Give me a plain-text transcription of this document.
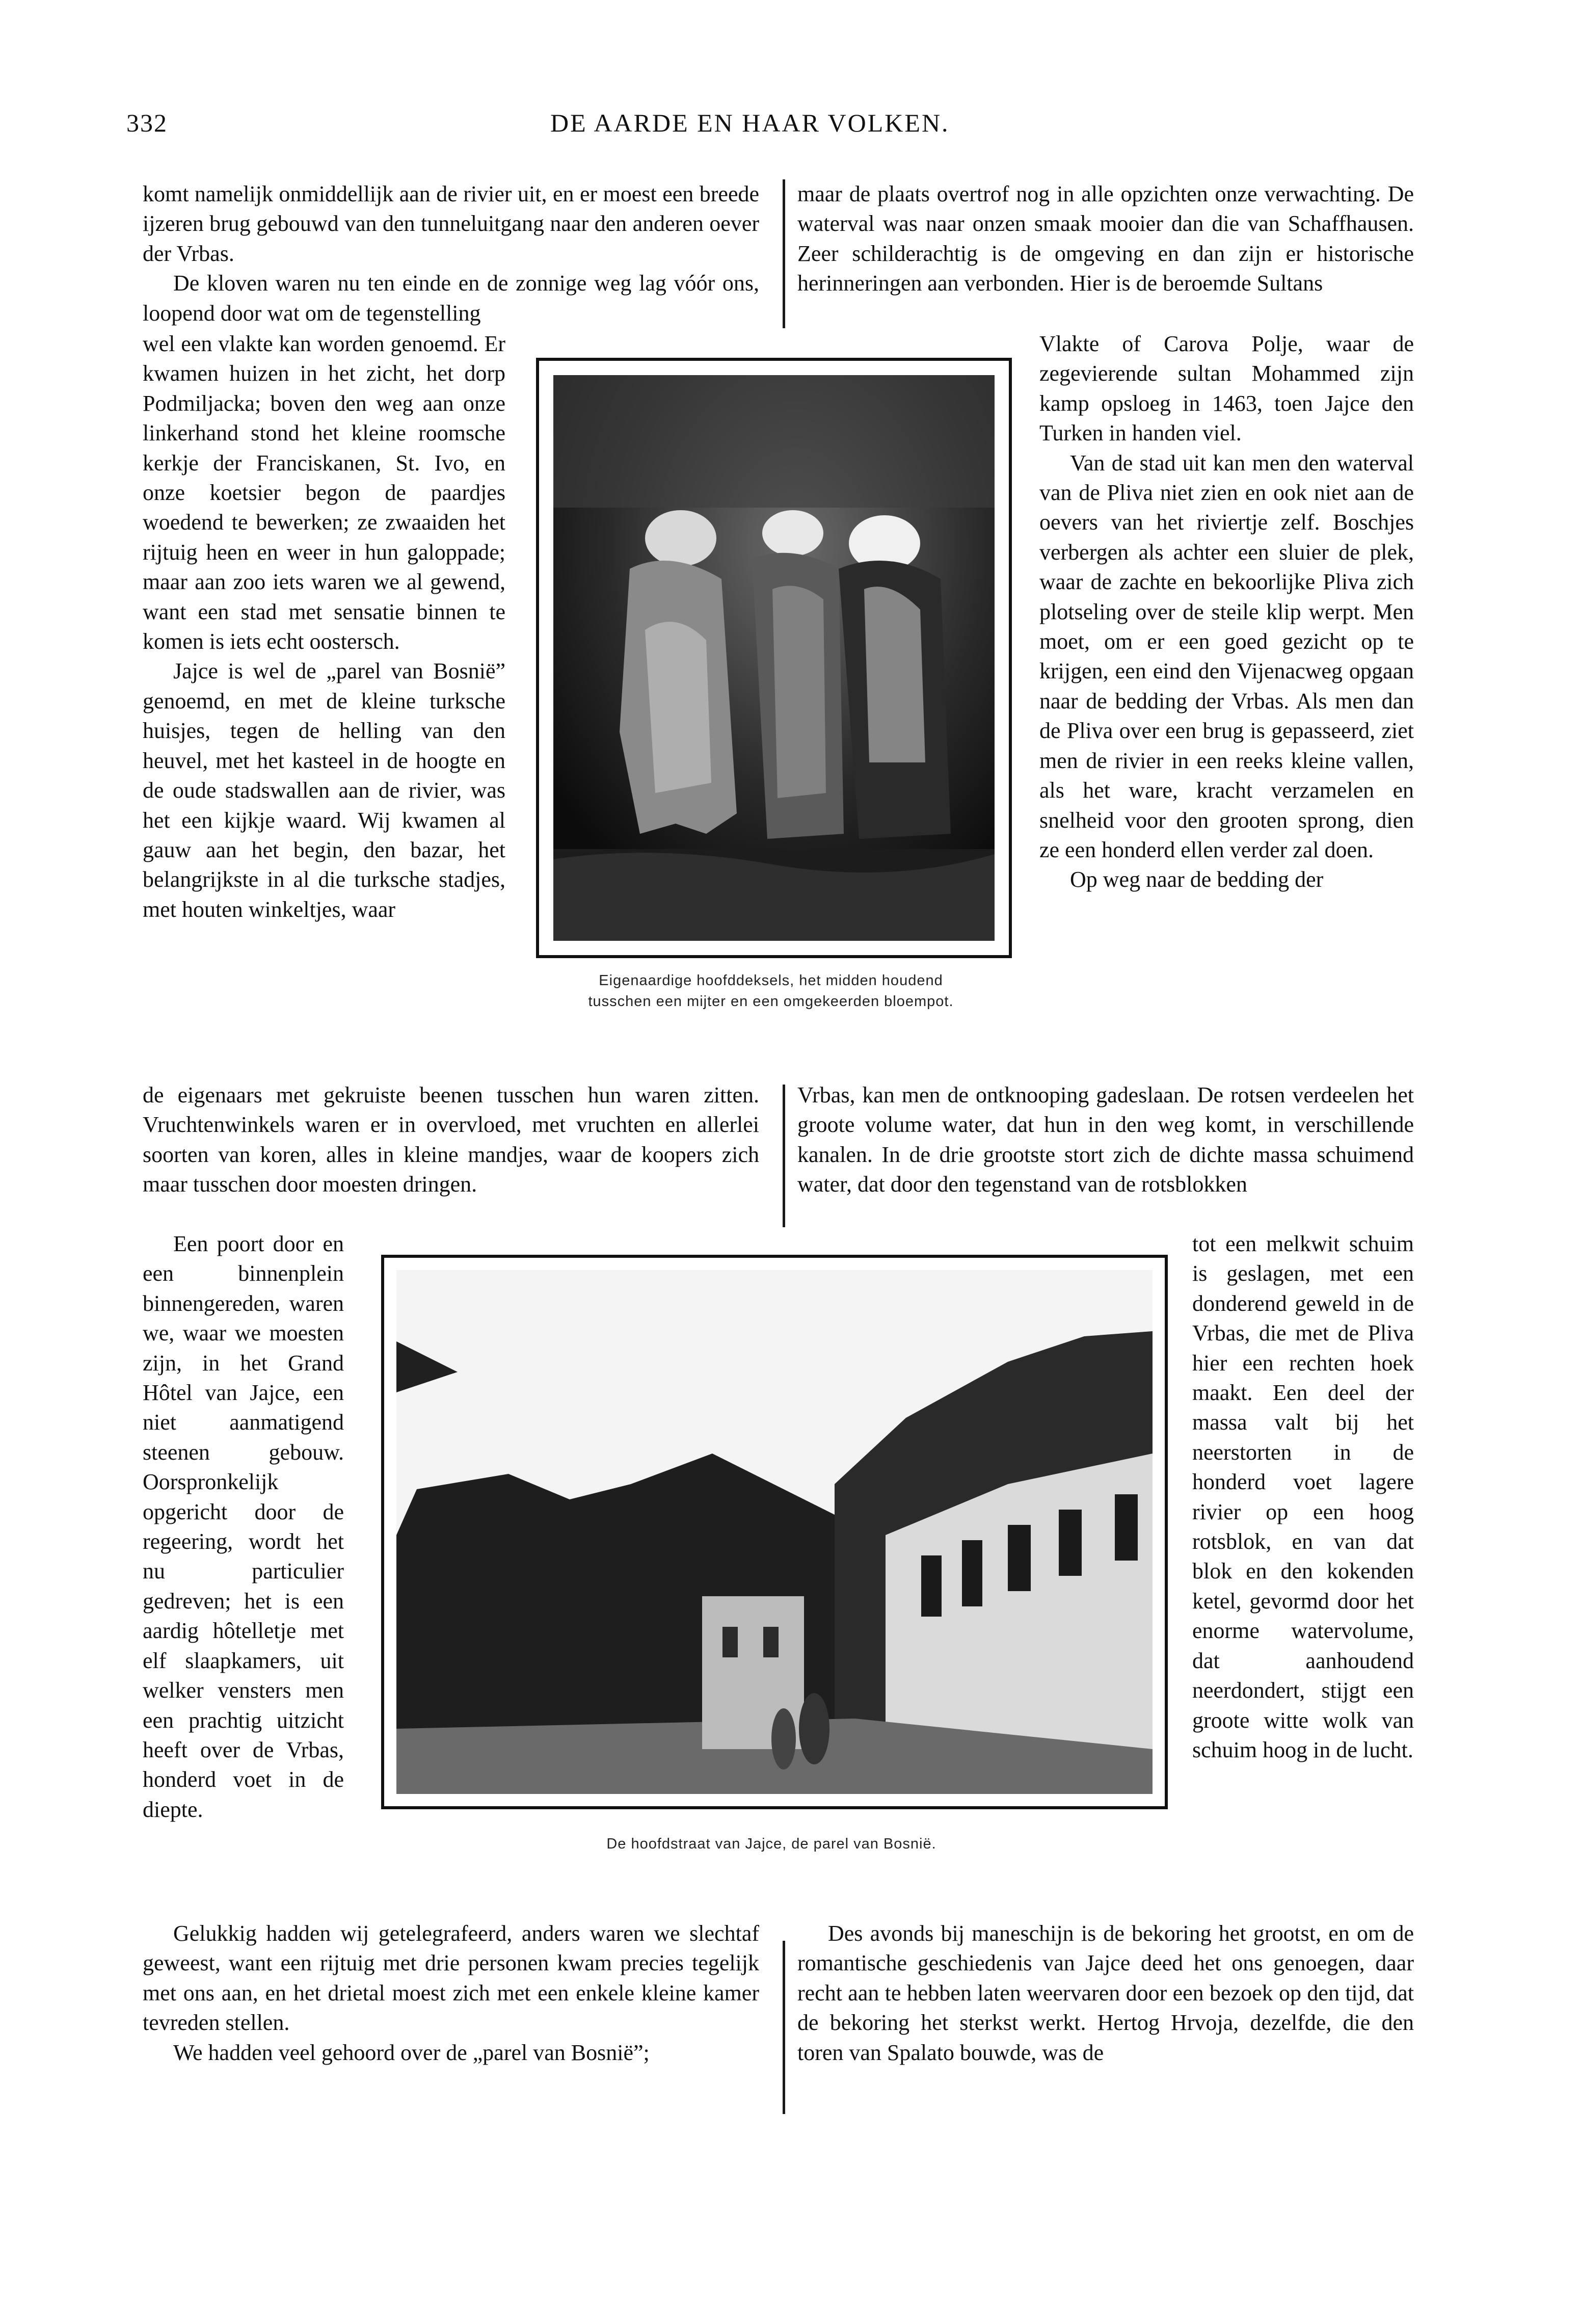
332	DE AARDE EN HAAR VOLKEN.

komt namelijk onmiddellijk aan de rivier uit, en er moest een breede ijzeren brug gebouwd van den tunneluitgang naar den anderen oever der Vrbas.

De kloven waren nu ten einde en de zonnige weg lag vóór ons, loopend door wat om de tegenstelling

maar de plaats overtrof nog in alle opzichten onze verwachting. De waterval was naar onzen smaak mooier dan die van Schaffhausen. Zeer schilderachtig is de omgeving en dan zijn er historische herinneringen aan verbonden. Hier is de beroemde Sultans

wel een vlakte kan worden genoemd. Er kwamen huizen in het zicht, het dorp Podmiljacka; boven den weg aan onze linkerhand stond het kleine roomsche kerkje der Franciskanen, St. Ivo, en onze koetsier begon de paardjes woedend te bewerken; ze zwaaiden het rijtuig heen en weer in hun galoppade; maar aan zoo iets waren we al gewend, want een stad met sensatie binnen te komen is iets echt oostersch.

Jajce is wel de „parel van Bosniё” genoemd, en met de kleine turksche huisjes, tegen de helling van den heuvel, met het kasteel in de hoogte en de oude stadswallen aan de rivier, was het een kijkje waard. Wij kwamen al gauw aan het begin, den bazar, het belangrijkste in al die turksche stadjes, met houten winkeltjes, waar

Vlakte of Carova Polje, waar de zegevierende sultan Mohammed zijn kamp opsloeg in 1463, toen Jajce den Turken in handen viel.

Van de stad uit kan men den waterval van de Pliva niet zien en ook niet aan de oevers van het riviertje zelf. Boschjes verbergen als achter een sluier de plek, waar de zachte en bekoorlijke Pliva zich plotseling over de steile klip werpt. Men moet, om er een goed gezicht op te krijgen, een eind den Vijenacweg opgaan naar de bedding der Vrbas. Als men dan de Pliva over een brug is gepasseerd, ziet men de rivier in een reeks kleine vallen, als het ware, kracht verzamelen en snelheid voor den grooten sprong, dien ze een honderd ellen verder zal doen.

Op weg naar de bedding der

Eigenaardige hoofddeksels, het midden houdend
tusschen een mijter en een omgekeerden bloempot.

de eigenaars met gekruiste beenen tusschen hun waren zitten. Vruchtenwinkels waren er in overvloed, met vruchten en allerlei soorten van koren, alles in kleine mandjes, waar de koopers zich maar tusschen door moesten dringen.

Vrbas, kan men de ontknooping gadeslaan. De rotsen verdeelen het groote volume water, dat hun in den weg komt, in verschillende kanalen. In de drie grootste stort zich de dichte massa schuimend water, dat door den tegenstand van de rotsblokken

Een poort door en een binnenplein binnengereden, waren we, waar we moesten zijn, in het Grand Hôtel van Jajce, een niet aanmatigend steenen gebouw. Oorspronkelijk opgericht door de regeering, wordt het nu particulier gedreven; het is een aardig hôtelletje met elf slaapkamers, uit welker vensters men een prachtig uitzicht heeft over de Vrbas, honderd voet in de diepte.

tot een melkwit schuim is geslagen, met een donderend geweld in de Vrbas, die met de Pliva hier een rechten hoek maakt. Een deel der massa valt bij het neerstorten in de honderd voet lagere rivier op een hoog rotsblok, en van dat blok en den kokenden ketel, gevormd door het enorme watervolume, dat aanhoudend neerdondert, stijgt een groote witte wolk van schuim hoog in de lucht.

De hoofdstraat van Jajce, de parel van Bosniё.

Gelukkig hadden wij getelegrafeerd, anders waren we slechtaf geweest, want een rijtuig met drie personen kwam precies tegelijk met ons aan, en het drietal moest zich met een enkele kleine kamer tevreden stellen.

We hadden veel gehoord over de „parel van Bosniё”;

Des avonds bij maneschijn is de bekoring het grootst, en om de romantische geschiedenis van Jajce deed het ons genoegen, daar recht aan te hebben laten weervaren door een bezoek op den tijd, dat de bekoring het sterkst werkt. Hertog Hrvoja, dezelfde, die den toren van Spalato bouwde, was de
